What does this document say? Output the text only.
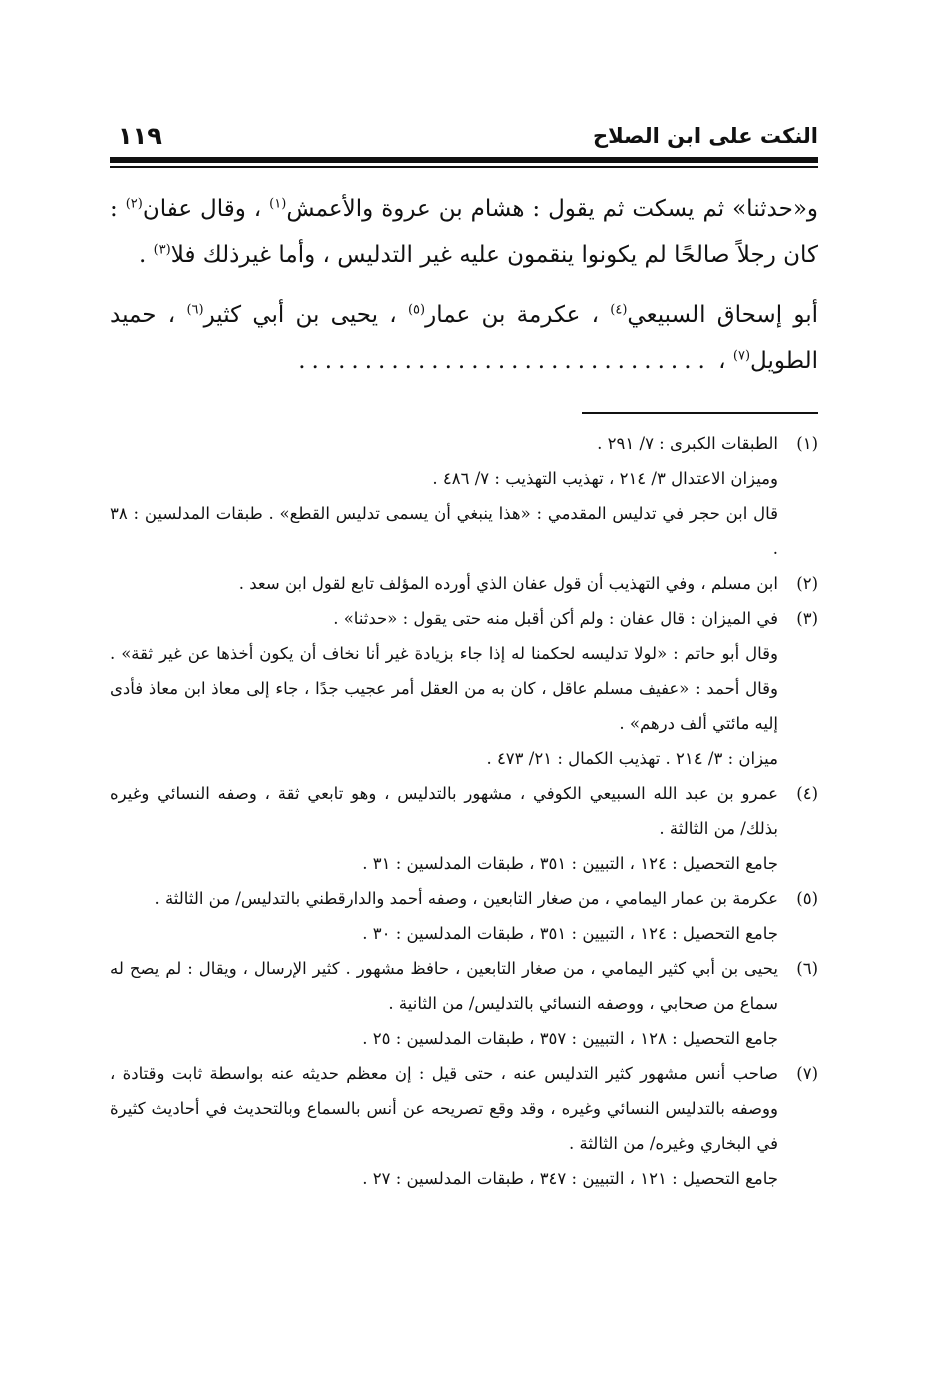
النكت على ابن الصلاح
١١٩

و«حدثنا» ثم يسكت ثم يقول : هشام بن عروة والأعمش$^{(١)}$ ، وقال عفان$^{(٢)}$ : كان رجلاً صالحًا لم يكونوا ينقمون عليه غير التدليس ، وأما غيرذلك فلا$^{(٣)}$ .

أبو إسحاق السبيعي$^{(٤)}$ ، عكرمة بن عمار$^{(٥)}$ ، يحيى بن أبي كثير$^{(٦)}$ ، حميد الطويل$^{(٧)}$ ، ...............................

(١)
الطبقات الكبرى : ٧/ ٢٩١ .
وميزان الاعتدال ٣/ ٢١٤ ، تهذيب التهذيب : ٧/ ٤٨٦ .
قال ابن حجر في تدليس المقدمي : «هذا ينبغي أن يسمى تدليس القطع» . طبقات المدلسين : ٣٨ .
(٢)
ابن مسلم ، وفي التهذيب أن قول عفان الذي أورده المؤلف تابع لقول ابن سعد .
(٣)
في الميزان : قال عفان : ولم أكن أقبل منه حتى يقول : «حدثنا» .
وقال أبو حاتم : «لولا تدليسه لحكمنا له إذا جاء بزيادة غير أنا نخاف أن يكون أخذها عن غير ثقة» . وقال أحمد : «عفيف مسلم عاقل ، كان به من العقل أمر عجيب جدًا ، جاء إلى معاذ ابن معاذ فأدى إليه مائتي ألف درهم» .
ميزان : ٣/ ٢١٤ . تهذيب الكمال : ٢١/ ٤٧٣ .
(٤)
عمرو بن عبد الله السبيعي الكوفي ، مشهور بالتدليس ، وهو تابعي ثقة ، وصفه النسائي وغيره بذلك/ من الثالثة .
جامع التحصيل : ١٢٤ ، التبيين : ٣٥١ ، طبقات المدلسين : ٣١ .
(٥)
عكرمة بن عمار اليمامي ، من صغار التابعين ، وصفه أحمد والدارقطني بالتدليس/ من الثالثة .
جامع التحصيل : ١٢٤ ، التبيين : ٣٥١ ، طبقات المدلسين : ٣٠ .
(٦)
يحيى بن أبي كثير اليمامي ، من صغار التابعين ، حافظ مشهور . كثير الإرسال ، ويقال : لم يصح له سماع من صحابي ، ووصفه النسائي بالتدليس/ من الثانية .
جامع التحصيل : ١٢٨ ، التبيين : ٣٥٧ ، طبقات المدلسين : ٢٥ .
(٧)
صاحب أنس مشهور كثير التدليس عنه ، حتى قيل : إن معظم حديثه عنه بواسطة ثابت وقتادة ، ووصفه بالتدليس النسائي وغيره ، وقد وقع تصريحه عن أنس بالسماع وبالتحديث في أحاديث كثيرة في البخاري وغيره/ من الثالثة .
جامع التحصيل : ١٢١ ، التبيين : ٣٤٧ ، طبقات المدلسين : ٢٧ .
